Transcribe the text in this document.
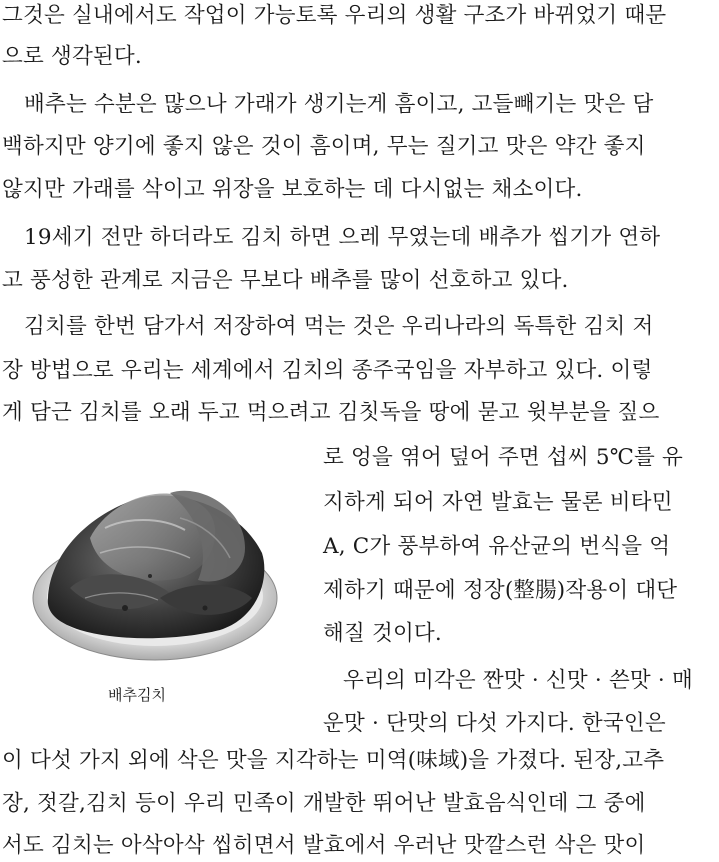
그것은 실내에서도 작업이 가능토록 우리의 생활 구조가 바뀌었기 때문
으로 생각된다.
배추는 수분은 많으나 가래가 생기는게 흠이고, 고들빼기는 맛은 담
백하지만 양기에 좋지 않은 것이 흠이며, 무는 질기고 맛은 약간 좋지
않지만 가래를 삭이고 위장을 보호하는 데 다시없는 채소이다.
19세기 전만 하더라도 김치 하면 으레 무였는데 배추가 씹기가 연하
고 풍성한 관계로 지금은 무보다 배추를 많이 선호하고 있다.
김치를 한번 담가서 저장하여 먹는 것은 우리나라의 독특한 김치 저
장 방법으로 우리는 세계에서 김치의 종주국임을 자부하고 있다. 이렇
게 담근 김치를 오래 두고 먹으려고 김칫독을 땅에 묻고 윗부분을 짚으
로 엉을 엮어 덮어 주면 섭씨 5℃를 유
지하게 되어 자연 발효는 물론 비타민
A, C가 풍부하여 유산균의 번식을 억
제하기 때문에 정장(整腸)작용이 대단
해질 것이다.
우리의 미각은 짠맛 · 신맛 · 쓴맛 · 매
운맛 · 단맛의 다섯 가지다. 한국인은
이 다섯 가지 외에 삭은 맛을 지각하는 미역(味域)을 가졌다. 된장,고추
장, 젓갈,김치 등이 우리 민족이 개발한 뛰어난 발효음식인데 그 중에
서도 김치는 아삭아삭 씹히면서 발효에서 우러난 맛깔스런 삭은 맛이
배추김치
